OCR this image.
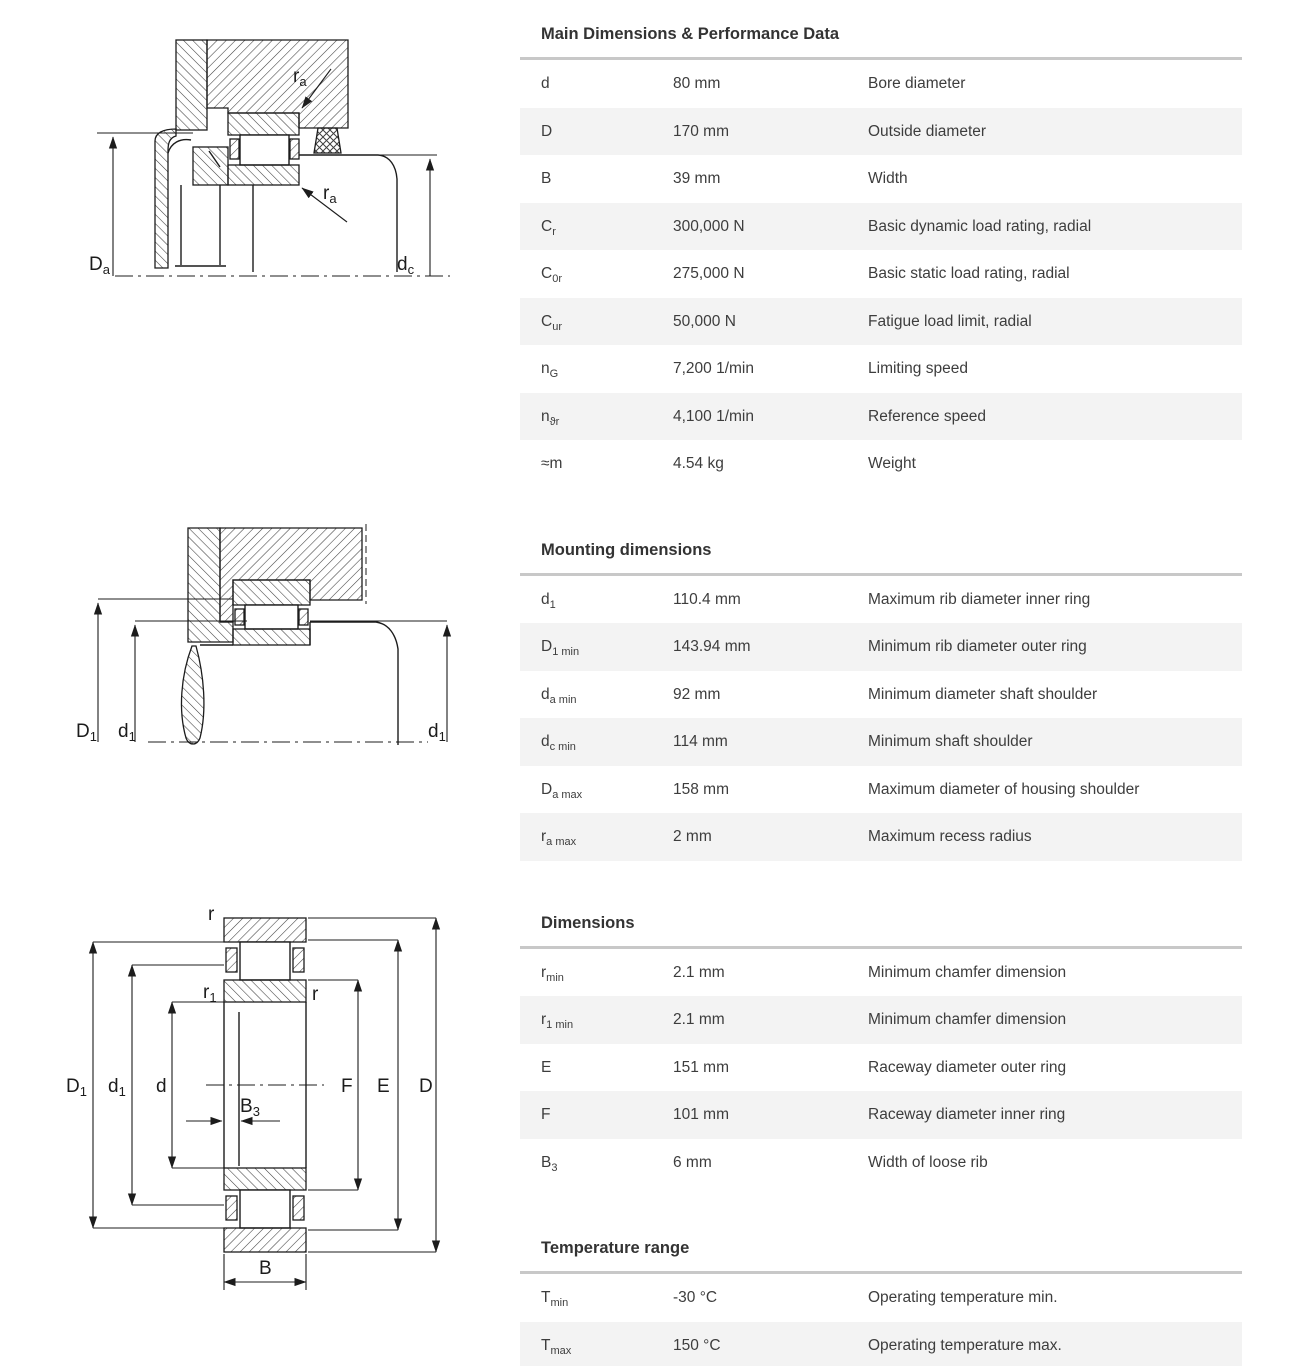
$D_a$	$d_c$
$r_a$
$r_a$
$D_1$ $d_1$	$d_1$
D
E
F
$D_1$ $d_1$ d
B
$B_3$
r
$r_1$	r
Main Dimensions & Performance Data
d	80 mm	Bore diameter
D	170 mm	Outside diameter
B	39 mm	Width
$C_r$	300,000 N	Basic dynamic load rating, radial
$C_{0r}$	275,000 N	Basic static load rating, radial
$C_{ur}$	50,000 N	Fatigue load limit, radial
$n_G$	7,200 1/min	Limiting speed
$n_{ϑr}$	4,100 1/min	Reference speed
≈m	4.54 kg	Weight
Mounting dimensions
$d_1$	110.4 mm	Maximum rib diameter inner ring
$D_{1 min}$	143.94 mm	Minimum rib diameter outer ring
$d_{a min}$	92 mm	Minimum diameter shaft shoulder
$d_{c min}$	114 mm	Minimum shaft shoulder
$D_{a max}$	158 mm	Maximum diameter of housing shoulder
$r_{a max}$	2 mm	Maximum recess radius
Dimensions
$r_{min}$	2.1 mm	Minimum chamfer dimension
$r_{1 min}$	2.1 mm	Minimum chamfer dimension
E	151 mm	Raceway diameter outer ring
F	101 mm	Raceway diameter inner ring
$B_3$	6 mm	Width of loose rib
Temperature range
$T_{min}$	-30 °C	Operating temperature min.
$T_{max}$	150 °C	Operating temperature max.
